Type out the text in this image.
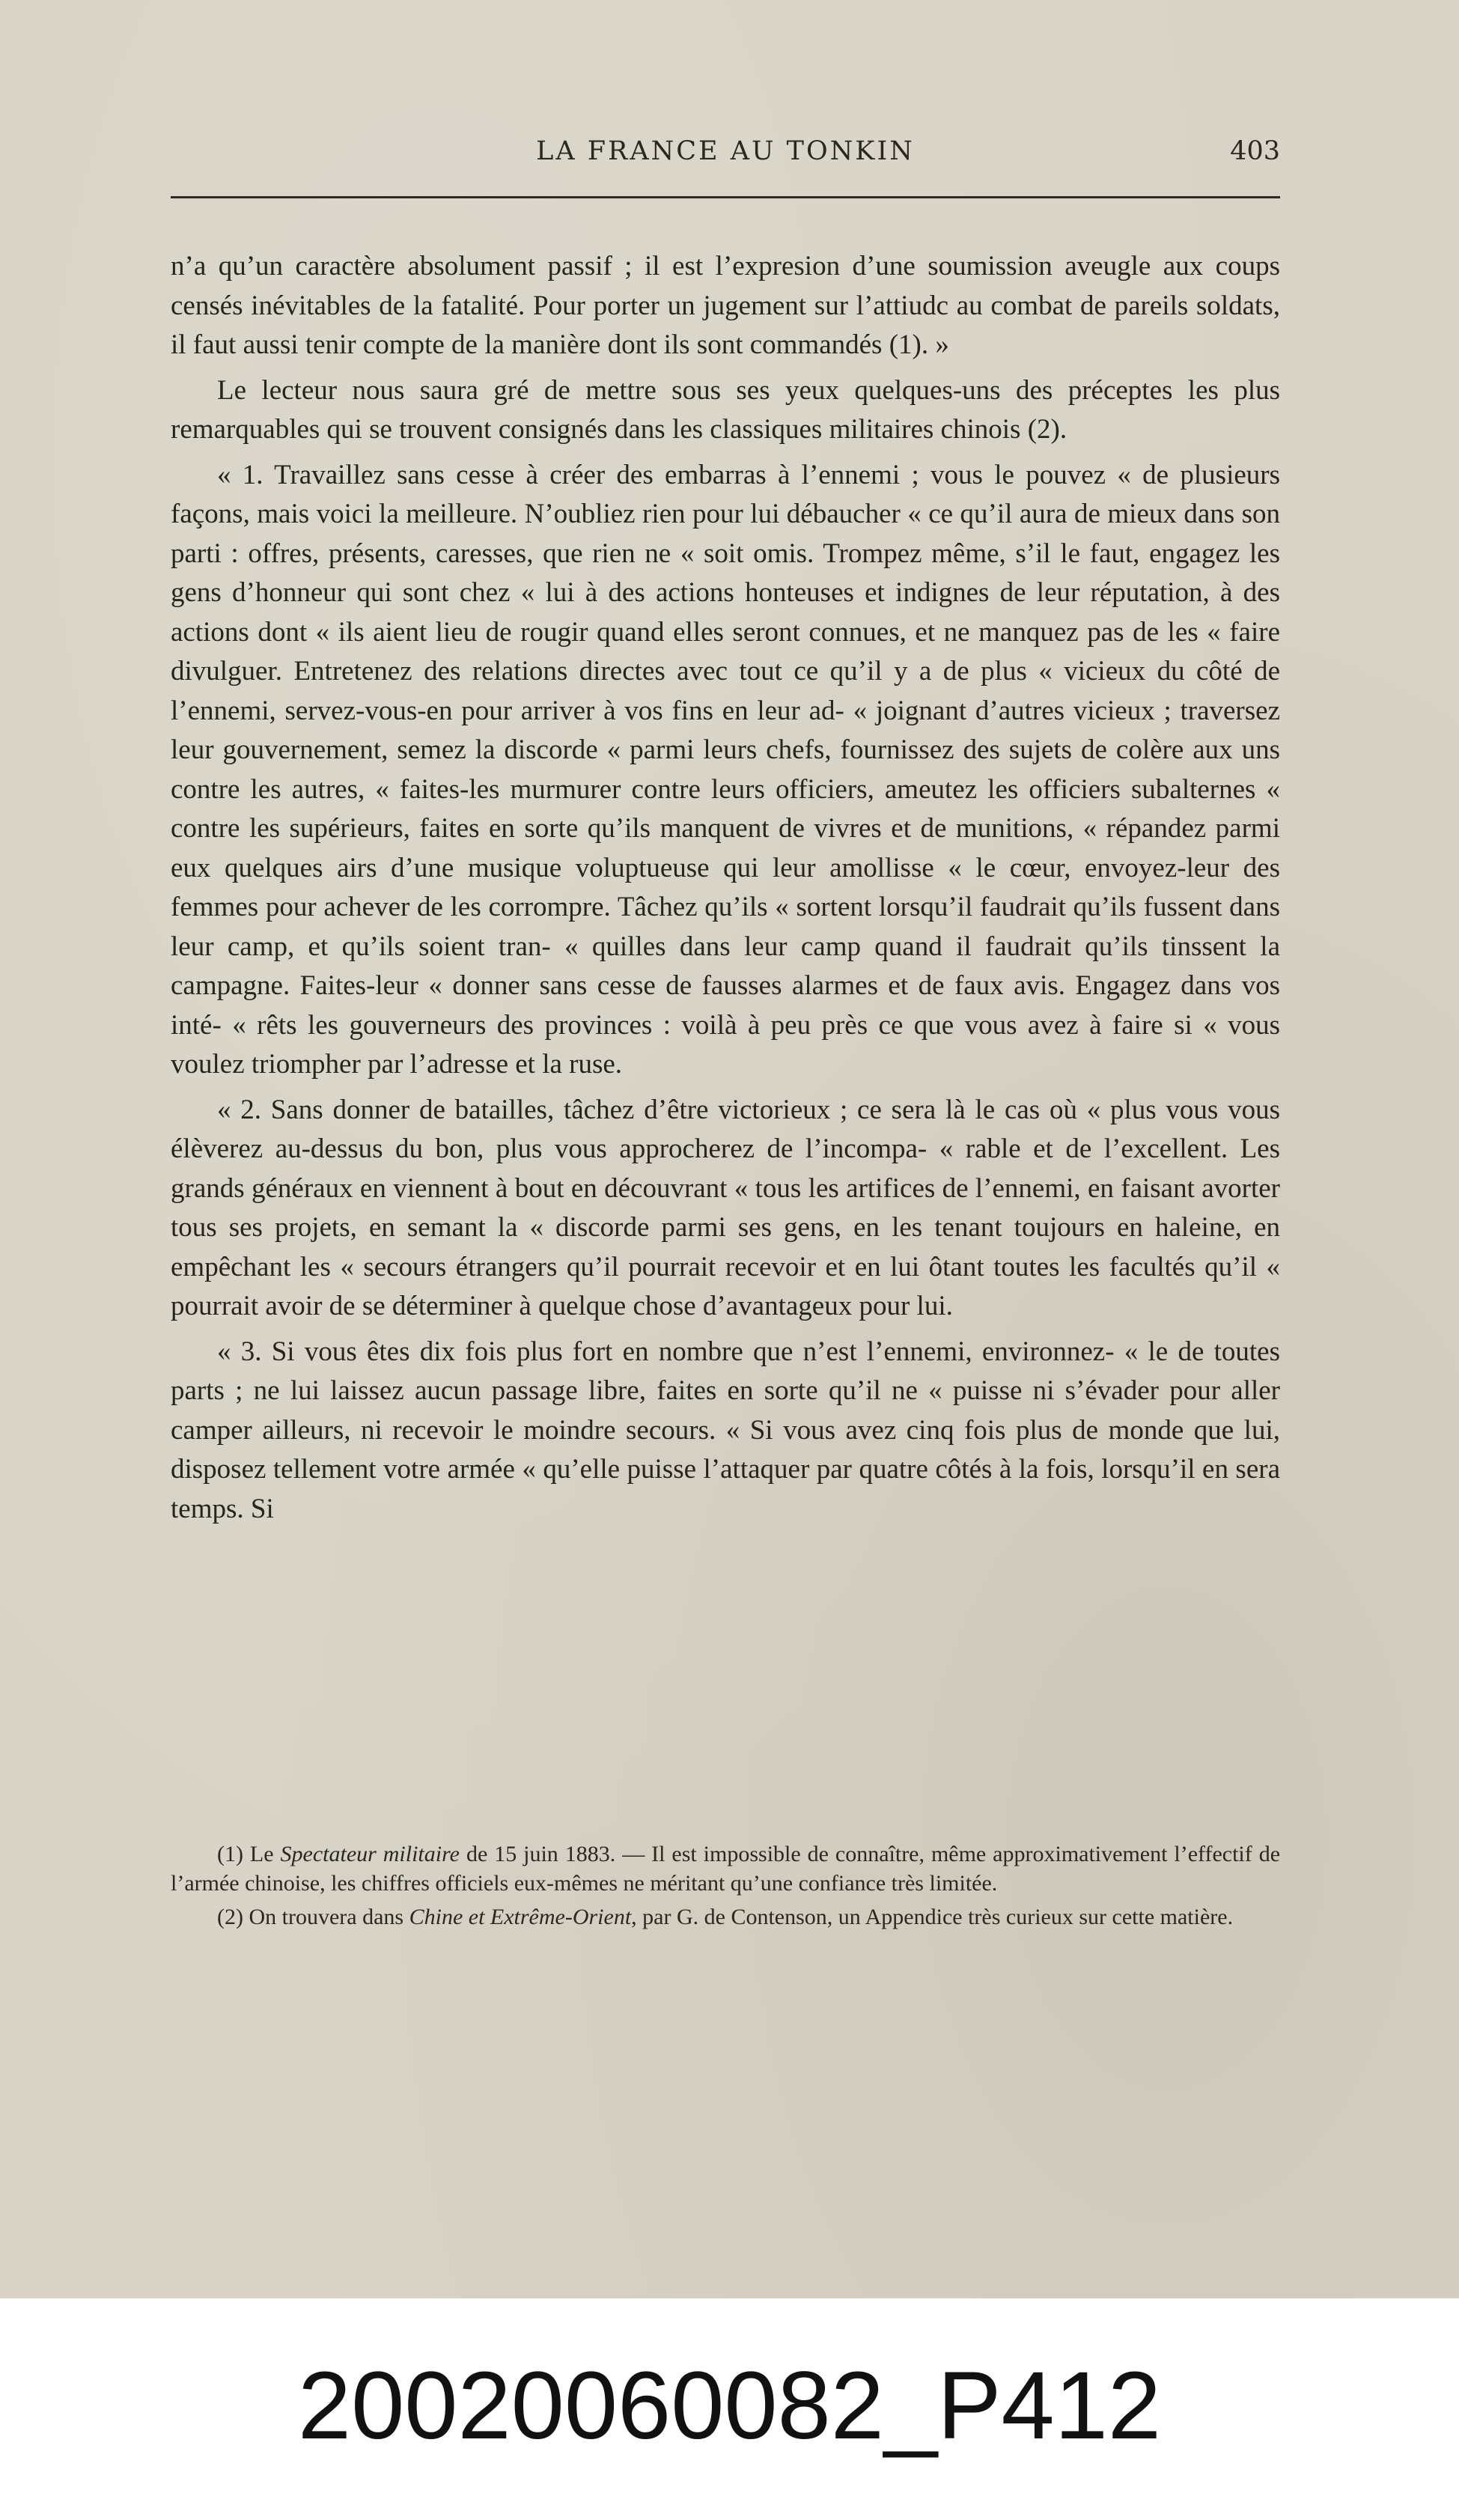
LA FRANCE AU TONKIN	403

n’a qu’un caractère absolument passif ; il est l’expresion d’une soumission aveugle aux coups censés inévitables de la fatalité. Pour porter un jugement sur l’attiudc au combat de pareils soldats, il faut aussi tenir compte de la manière dont ils sont commandés (1). »

Le lecteur nous saura gré de mettre sous ses yeux quelques-uns des préceptes les plus remarquables qui se trouvent consignés dans les classiques militaires chinois (2).

« 1. Travaillez sans cesse à créer des embarras à l’ennemi ; vous le pouvez « de plusieurs façons, mais voici la meilleure. N’oubliez rien pour lui débaucher « ce qu’il aura de mieux dans son parti : offres, présents, caresses, que rien ne « soit omis. Trompez même, s’il le faut, engagez les gens d’honneur qui sont chez « lui à des actions honteuses et indignes de leur réputation, à des actions dont « ils aient lieu de rougir quand elles seront connues, et ne manquez pas de les « faire divulguer. Entretenez des relations directes avec tout ce qu’il y a de plus « vicieux du côté de l’ennemi, servez-vous-en pour arriver à vos fins en leur ad- « joignant d’autres vicieux ; traversez leur gouvernement, semez la discorde « parmi leurs chefs, fournissez des sujets de colère aux uns contre les autres, « faites-les murmurer contre leurs officiers, ameutez les officiers subalternes « contre les supérieurs, faites en sorte qu’ils manquent de vivres et de munitions, « répandez parmi eux quelques airs d’une musique voluptueuse qui leur amollisse « le cœur, envoyez-leur des femmes pour achever de les corrompre. Tâchez qu’ils « sortent lorsqu’il faudrait qu’ils fussent dans leur camp, et qu’ils soient tran- « quilles dans leur camp quand il faudrait qu’ils tinssent la campagne. Faites-leur « donner sans cesse de fausses alarmes et de faux avis. Engagez dans vos inté- « rêts les gouverneurs des provinces : voilà à peu près ce que vous avez à faire si « vous voulez triompher par l’adresse et la ruse.

« 2. Sans donner de batailles, tâchez d’être victorieux ; ce sera là le cas où « plus vous vous élèverez au-dessus du bon, plus vous approcherez de l’incompa- « rable et de l’excellent. Les grands généraux en viennent à bout en découvrant « tous les artifices de l’ennemi, en faisant avorter tous ses projets, en semant la « discorde parmi ses gens, en les tenant toujours en haleine, en empêchant les « secours étrangers qu’il pourrait recevoir et en lui ôtant toutes les facultés qu’il « pourrait avoir de se déterminer à quelque chose d’avantageux pour lui.

« 3. Si vous êtes dix fois plus fort en nombre que n’est l’ennemi, environnez- « le de toutes parts ; ne lui laissez aucun passage libre, faites en sorte qu’il ne « puisse ni s’évader pour aller camper ailleurs, ni recevoir le moindre secours. « Si vous avez cinq fois plus de monde que lui, disposez tellement votre armée « qu’elle puisse l’attaquer par quatre côtés à la fois, lorsqu’il en sera temps. Si

(1) Le Spectateur militaire de 15 juin 1883. — Il est impossible de connaître, même approximativement l’effectif de l’armée chinoise, les chiffres officiels eux-mêmes ne méritant qu’une confiance très limitée.

(2) On trouvera dans Chine et Extrême-Orient, par G. de Contenson, un Appendice très curieux sur cette matière.

20020060082_P412
